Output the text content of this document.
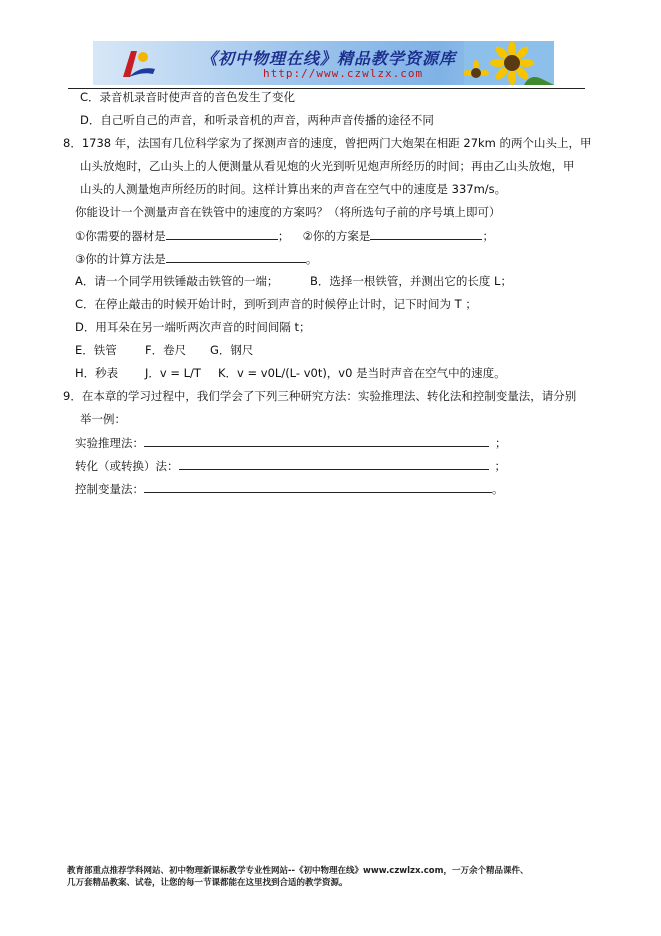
《初中物理在线》精品教学资源库
http://www.czwlzx.com
C．录音机录音时使声音的音色发生了变化
D．自己听自己的声音，和听录音机的声音，两种声音传播的途径不同
8．1738 年，法国有几位科学家为了探测声音的速度，曾把两门大炮架在相距 27km 的两个山头上，甲
山头放炮时，乙山头上的人便测量从看见炮的火光到听见炮声所经历的时间；再由乙山头放炮，甲
山头的人测量炮声所经历的时间。这样计算出来的声音在空气中的速度是 337m/s。
你能设计一个测量声音在铁管中的速度的方案吗？（将所选句子前的序号填上即可）
①你需要的器材是	； ②你的方案是	；
③你的计算方法是	。
A．请一个同学用铁锤敲击铁管的一端；	B．选择一根铁管，并测出它的长度 L；
C．在停止敲击的时候开始计时，到听到声音的时候停止计时，记下时间为 T ；
D．用耳朵在另一端听两次声音的时间间隔 t；
E．铁管 F．卷尺 G．钢尺
H．秒表 J．v = L/T K．v = v0L/(L- v0t)，v0 是当时声音在空气中的速度。
9．在本章的学习过程中，我们学会了下列三种研究方法：实验推理法、转化法和控制变量法，请分别
举一例：
实验推理法：	；
转化（或转换）法：	；
控制变量法：	。
教育部重点推荐学科网站、初中物理新课标教学专业性网站--《初中物理在线》www.czwlzx.com，一万余个精品课件、
几万套精品教案、试卷，让您的每一节课都能在这里找到合适的教学资源。
